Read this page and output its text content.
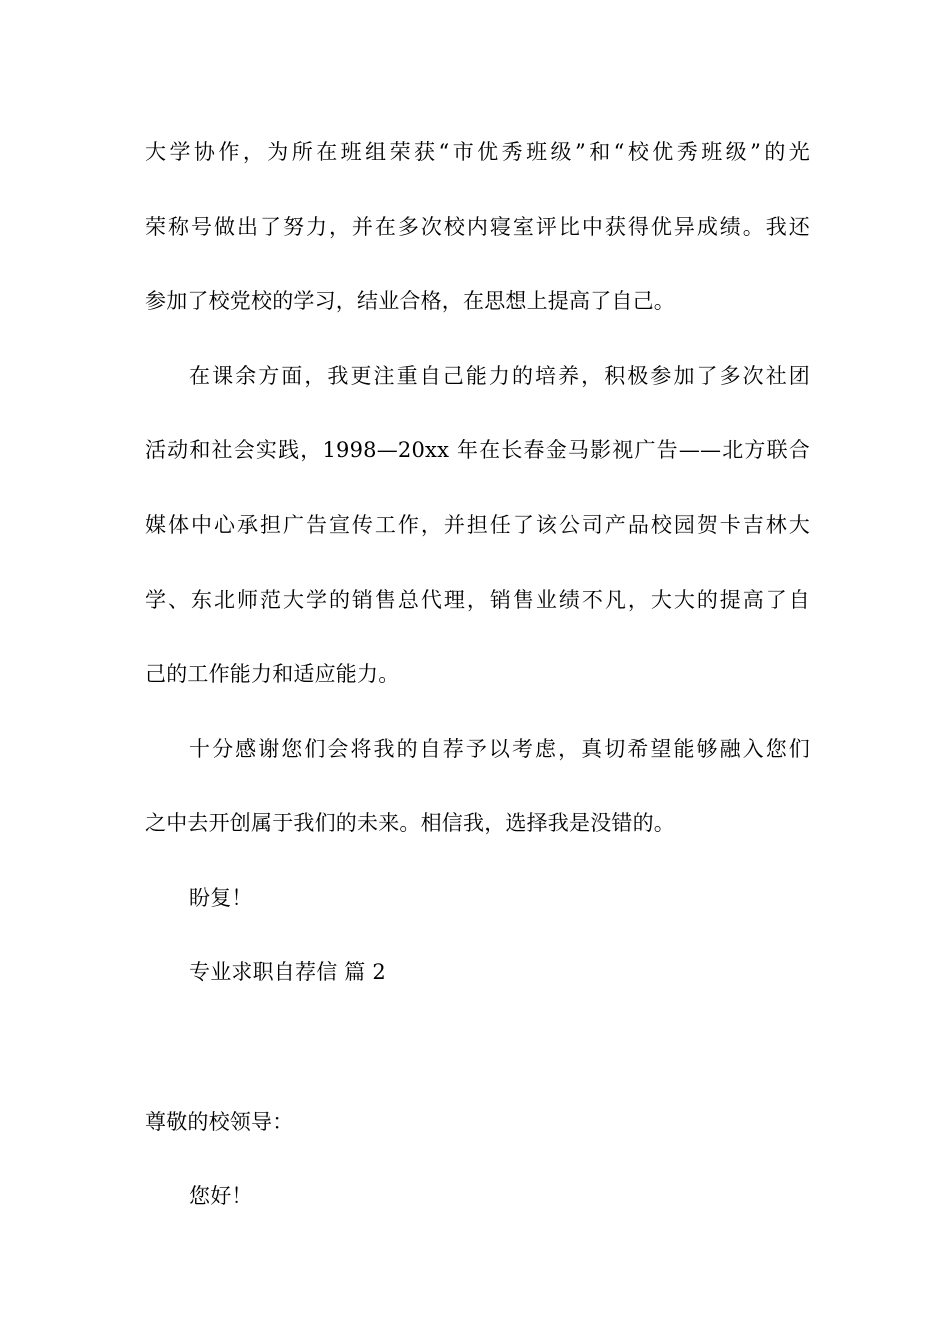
大学协作，为所在班组荣获“市优秀班级”和“校优秀班级”的光
荣称号做出了努力，并在多次校内寝室评比中获得优异成绩。我还
参加了校党校的学习，结业合格，在思想上提高了自己。
在课余方面，我更注重自己能力的培养，积极参加了多次社团
活动和社会实践，1998—20xx 年在长春金马影视广告——北方联合
媒体中心承担广告宣传工作，并担任了该公司产品校园贺卡吉林大
学、东北师范大学的销售总代理，销售业绩不凡，大大的提高了自
己的工作能力和适应能力。
十分感谢您们会将我的自荐予以考虑，真切希望能够融入您们
之中去开创属于我们的未来。相信我，选择我是没错的。
盼复！
专业求职自荐信 篇 2
尊敬的校领导：
您好！
